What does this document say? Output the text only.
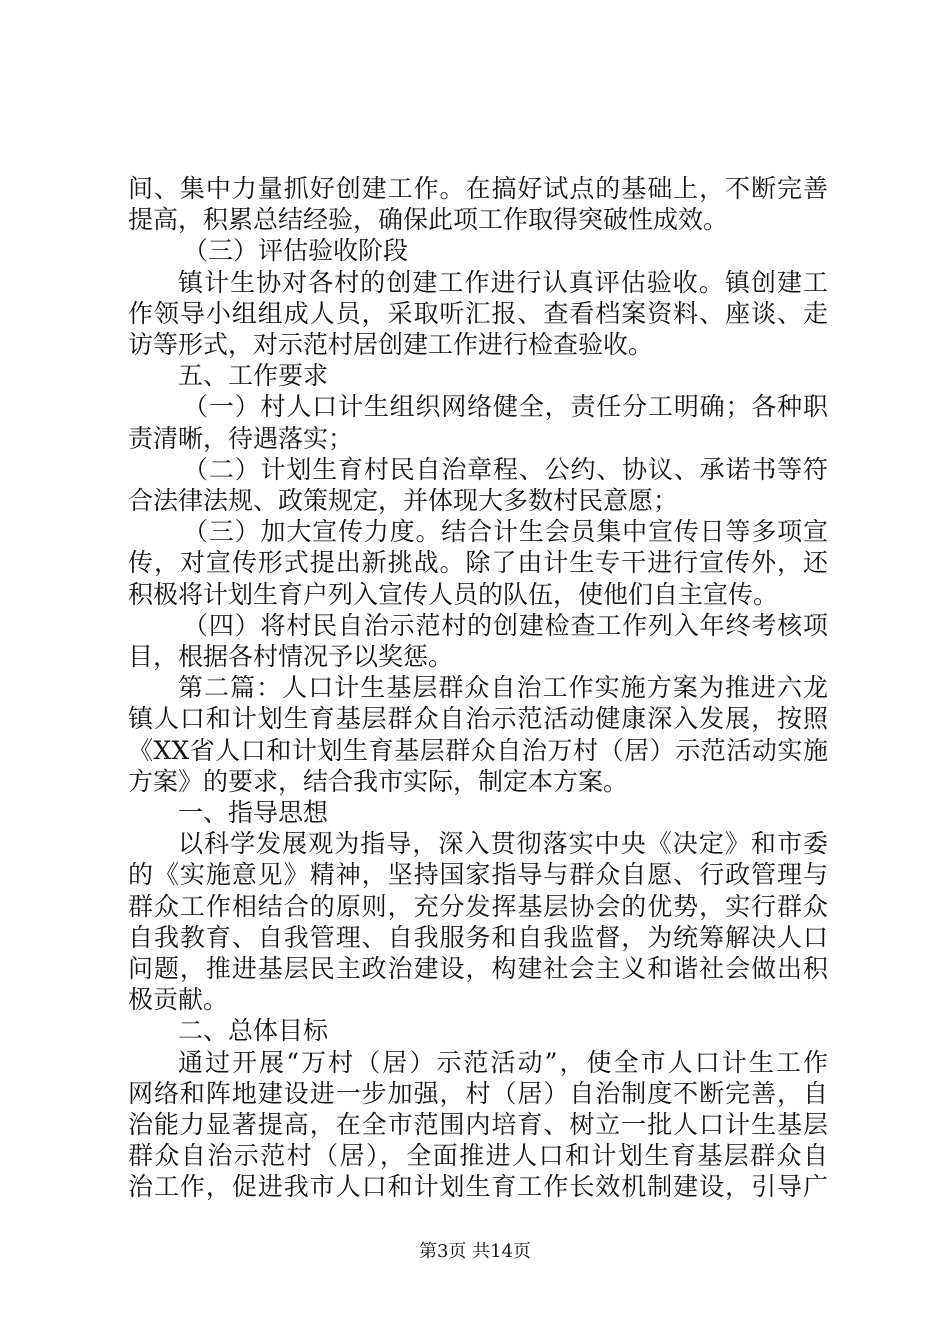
间、集中力量抓好创建工作。在搞好试点的基础上，不断完善
提高，积累总结经验，确保此项工作取得突破性成效。
（三）评估验收阶段
镇计生协对各村的创建工作进行认真评估验收。镇创建工
作领导小组组成人员，采取听汇报、查看档案资料、座谈、走
访等形式，对示范村居创建工作进行检查验收。
五、工作要求
（一）村人口计生组织网络健全，责任分工明确；各种职
责清晰，待遇落实；
（二）计划生育村民自治章程、公约、协议、承诺书等符
合法律法规、政策规定，并体现大多数村民意愿；
（三）加大宣传力度。结合计生会员集中宣传日等多项宣
传，对宣传形式提出新挑战。除了由计生专干进行宣传外，还
积极将计划生育户列入宣传人员的队伍，使他们自主宣传。
（四）将村民自治示范村的创建检查工作列入年终考核项
目，根据各村情况予以奖惩。
第二篇：人口计生基层群众自治工作实施方案为推进六龙
镇人口和计划生育基层群众自治示范活动健康深入发展，按照
《XX省人口和计划生育基层群众自治万村（居）示范活动实施
方案》的要求，结合我市实际，制定本方案。
一、指导思想
以科学发展观为指导，深入贯彻落实中央《决定》和市委
的《实施意见》精神，坚持国家指导与群众自愿、行政管理与
群众工作相结合的原则，充分发挥基层协会的优势，实行群众
自我教育、自我管理、自我服务和自我监督，为统筹解决人口
问题，推进基层民主政治建设，构建社会主义和谐社会做出积
极贡献。
二、总体目标
通过开展“万村（居）示范活动”，使全市人口计生工作
网络和阵地建设进一步加强，村（居）自治制度不断完善，自
治能力显著提高，在全市范围内培育、树立一批人口计生基层
群众自治示范村（居），全面推进人口和计划生育基层群众自
治工作，促进我市人口和计划生育工作长效机制建设，引导广
第3页 共14页
